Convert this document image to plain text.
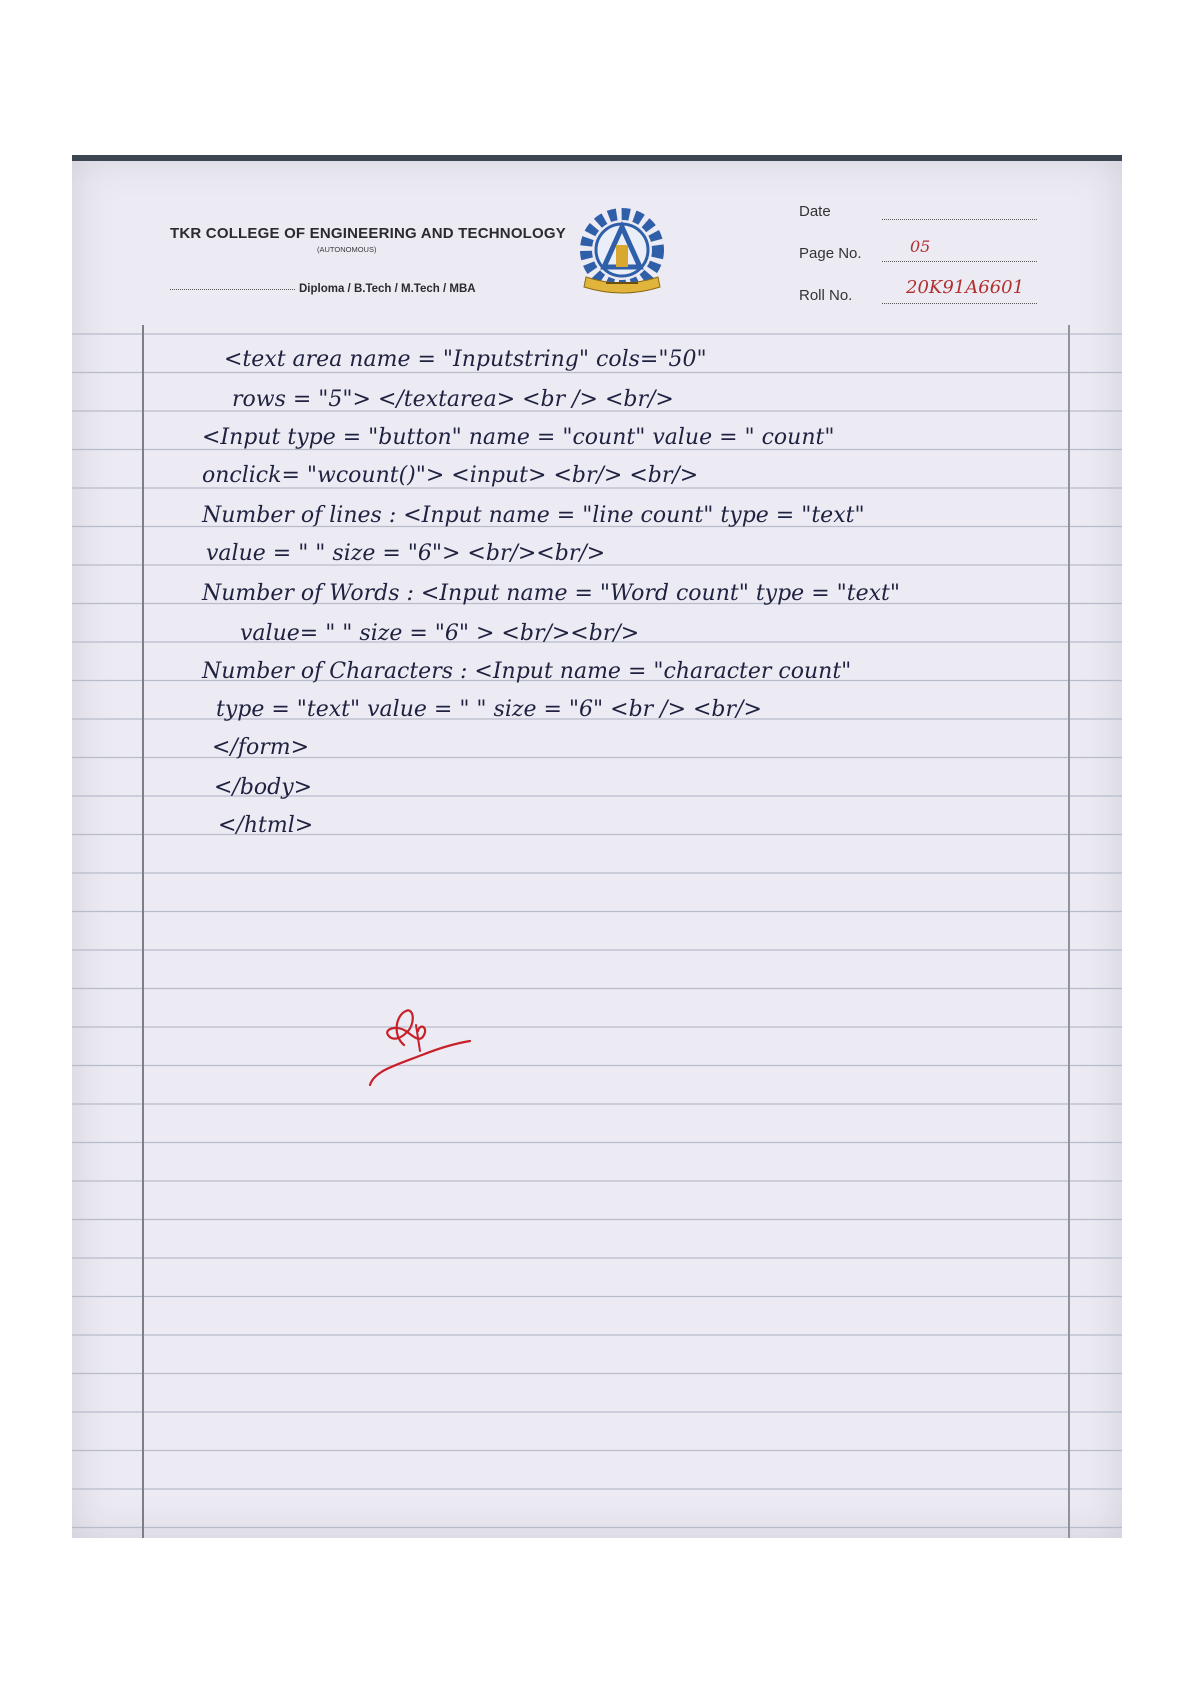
TKR COLLEGE OF ENGINEERING AND TECHNOLOGY
(AUTONOMOUS)
Diploma / B.Tech / M.Tech / MBA
Date
Page No.	05
Roll No.	20K91A6601
<text area name = "Inputstring" cols="50"
rows = "5"> </textarea> <br /> <br/>
<Input type = "button" name = "count" value = " count"
onclick= "wcount()"> <input> <br/> <br/>
Number of lines : <Input name = "line count" type = "text"
value = " " size = "6"> <br/><br/>
Number of Words : <Input name = "Word count" type = "text"
value= " " size = "6" > <br/><br/>
Number of Characters : <Input name = "character count"
type = "text" value = " " size = "6" <br /> <br/>
</form>
</body>
</html>
